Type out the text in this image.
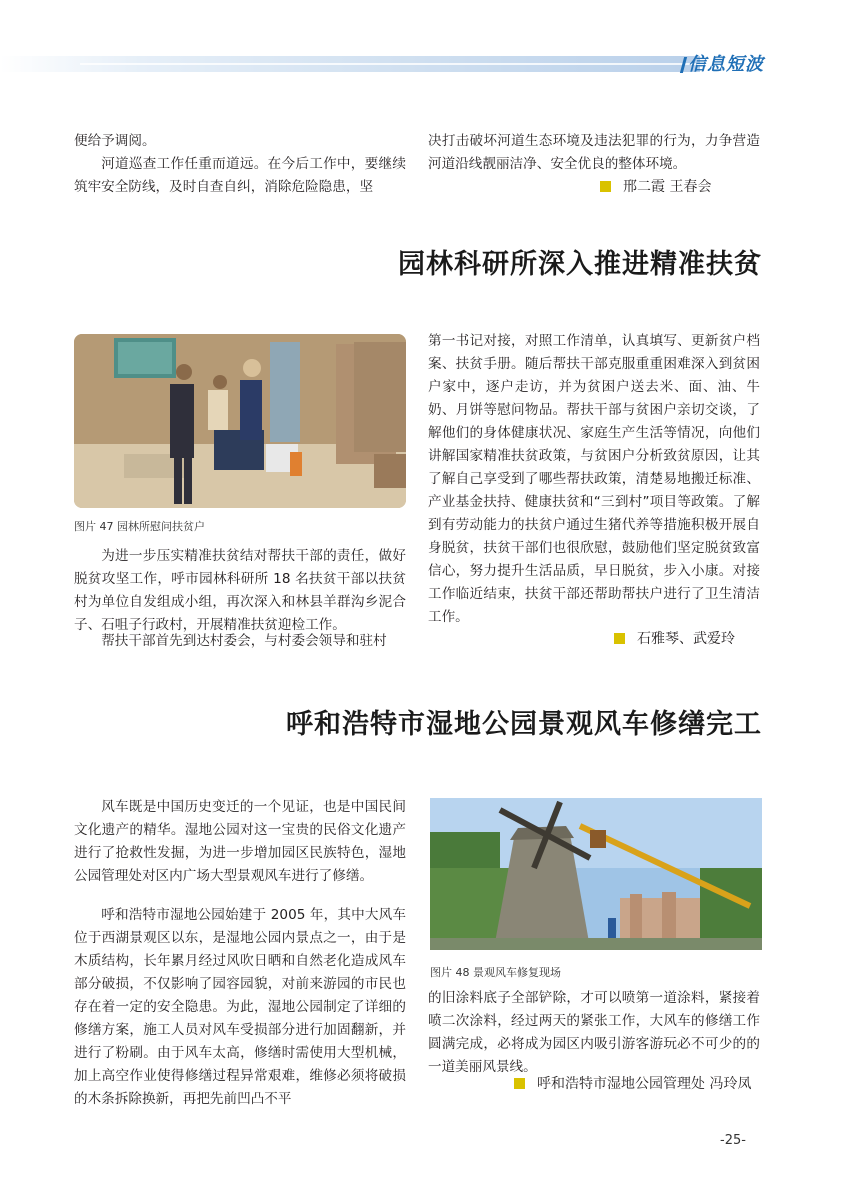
信息短波

便给予调阅。

河道巡查工作任重而道远。在今后工作中，要继续筑牢安全防线，及时自查自纠，消除危险隐患，坚

决打击破坏河道生态环境及违法犯罪的行为，力争营造河道沿线靓丽洁净、安全优良的整体环境。

邢二霞 王春会
园林科研所深入推进精准扶贫
图片 47 园林所慰问扶贫户

为进一步压实精准扶贫结对帮扶干部的责任，做好脱贫攻坚工作，呼市园林科研所 18 名扶贫干部以扶贫村为单位自发组成小组，再次深入和林县羊群沟乡泥合子、石咀子行政村，开展精准扶贫迎检工作。

帮扶干部首先到达村委会，与村委会领导和驻村

第一书记对接，对照工作清单，认真填写、更新贫户档案、扶贫手册。随后帮扶干部克服重重困难深入到贫困户家中，逐户走访，并为贫困户送去米、面、油、牛奶、月饼等慰问物品。帮扶干部与贫困户亲切交谈，了解他们的身体健康状况、家庭生产生活等情况，向他们讲解国家精准扶贫政策，与贫困户分析致贫原因，让其了解自己享受到了哪些帮扶政策，清楚易地搬迁标准、产业基金扶持、健康扶贫和“三到村”项目等政策。了解到有劳动能力的扶贫户通过生猪代养等措施积极开展自身脱贫，扶贫干部们也很欣慰，鼓励他们坚定脱贫致富信心，努力提升生活品质，早日脱贫，步入小康。对接工作临近结束，扶贫干部还帮助帮扶户进行了卫生清洁工作。

石雅琴、武爱玲
呼和浩特市湿地公园景观风车修缮完工

风车既是中国历史变迁的一个见证，也是中国民间文化遗产的精华。湿地公园对这一宝贵的民俗文化遗产进行了抢救性发掘，为进一步增加园区民族特色，湿地公园管理处对区内广场大型景观风车进行了修缮。

呼和浩特市湿地公园始建于 2005 年，其中大风车位于西湖景观区以东，是湿地公园内景点之一，由于是木质结构，长年累月经过风吹日晒和自然老化造成风车部分破损，不仅影响了园容园貌，对前来游园的市民也存在着一定的安全隐患。为此，湿地公园制定了详细的修缮方案，施工人员对风车受损部分进行加固翻新，并进行了粉刷。由于风车太高，修缮时需使用大型机械，加上高空作业使得修缮过程异常艰难，维修必须将破损的木条拆除换新，再把先前凹凸不平

图片 48 景观风车修复现场

的旧涂料底子全部铲除，才可以喷第一道涂料，紧接着喷二次涂料，经过两天的紧张工作，大风车的修缮工作圆满完成，必将成为园区内吸引游客游玩必不可少的的一道美丽风景线。

呼和浩特市湿地公园管理处 冯玲凤
-25-
